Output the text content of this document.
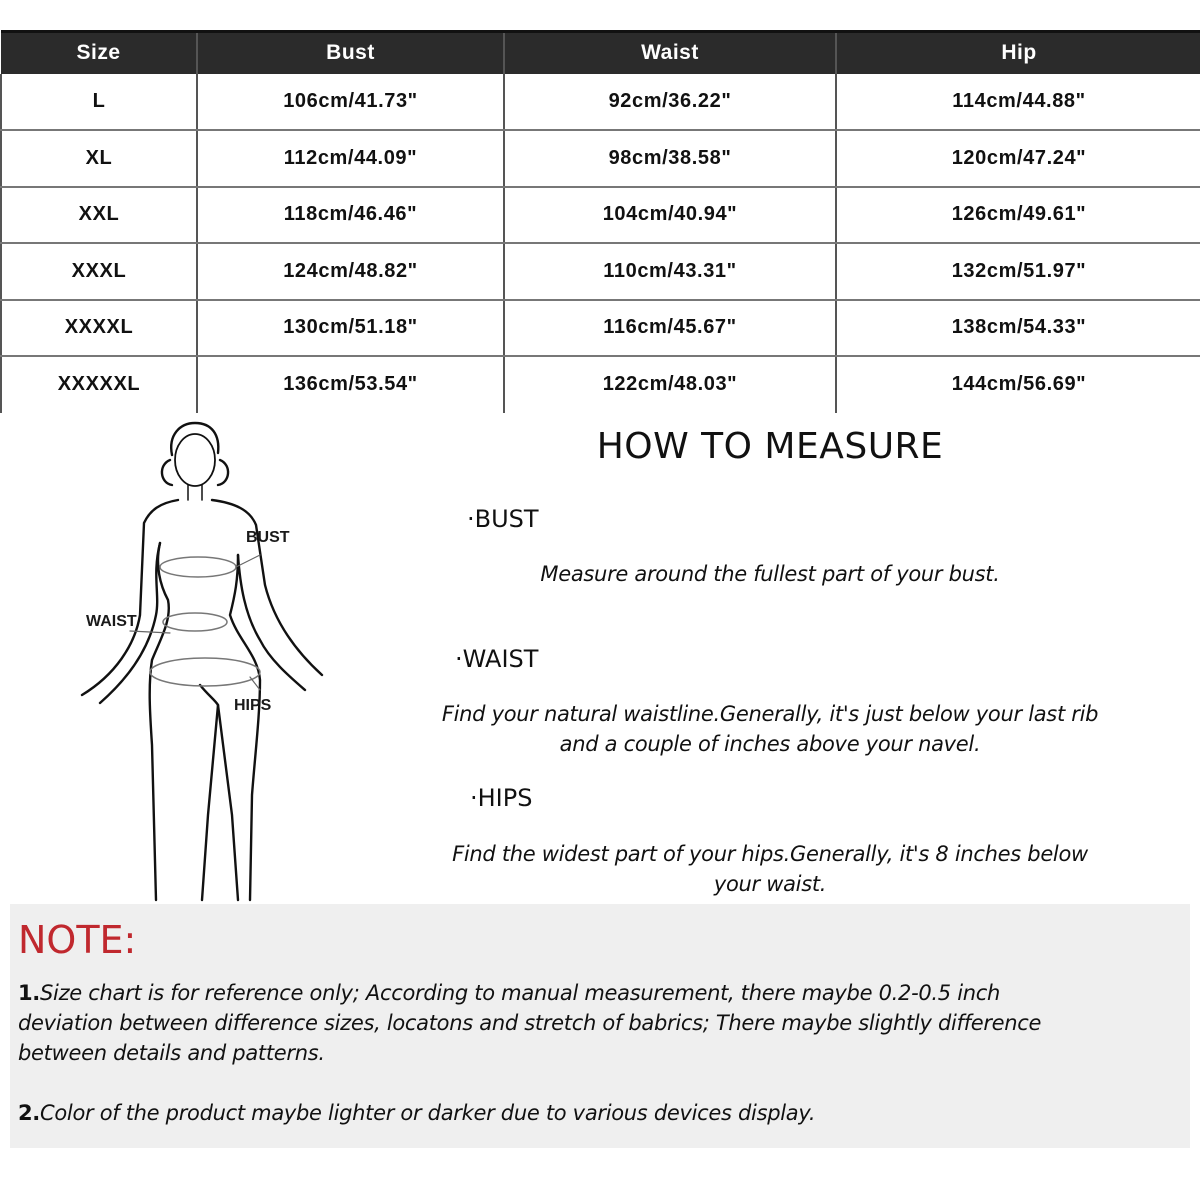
Size	Bust	Waist	Hip
L	106cm/41.73"	92cm/36.22"	114cm/44.88"
XL	112cm/44.09"	98cm/38.58"	120cm/47.24"
XXL	118cm/46.46"	104cm/40.94"	126cm/49.61"
XXXL	124cm/48.82"	110cm/43.31"	132cm/51.97"
XXXXL	130cm/51.18"	116cm/45.67"	138cm/54.33"
XXXXXL	136cm/53.54"	122cm/48.03"	144cm/56.69"
BUST
WAIST
HIPS
HOW TO MEASURE
·BUST
Measure around the fullest part of your bust.
·WAIST
Find your natural waistline.Generally, it's just below your last rib
and a couple of inches above your navel.
·HIPS
Find the widest part of your hips.Generally, it's 8 inches below
your waist.
NOTE:
1.Size chart is for reference only; According to manual measurement, there maybe 0.2-0.5 inch
deviation between difference sizes, locatons and stretch of babrics; There maybe slightly difference
between details and patterns.
2.Color of the product maybe lighter or darker due to various devices display.
